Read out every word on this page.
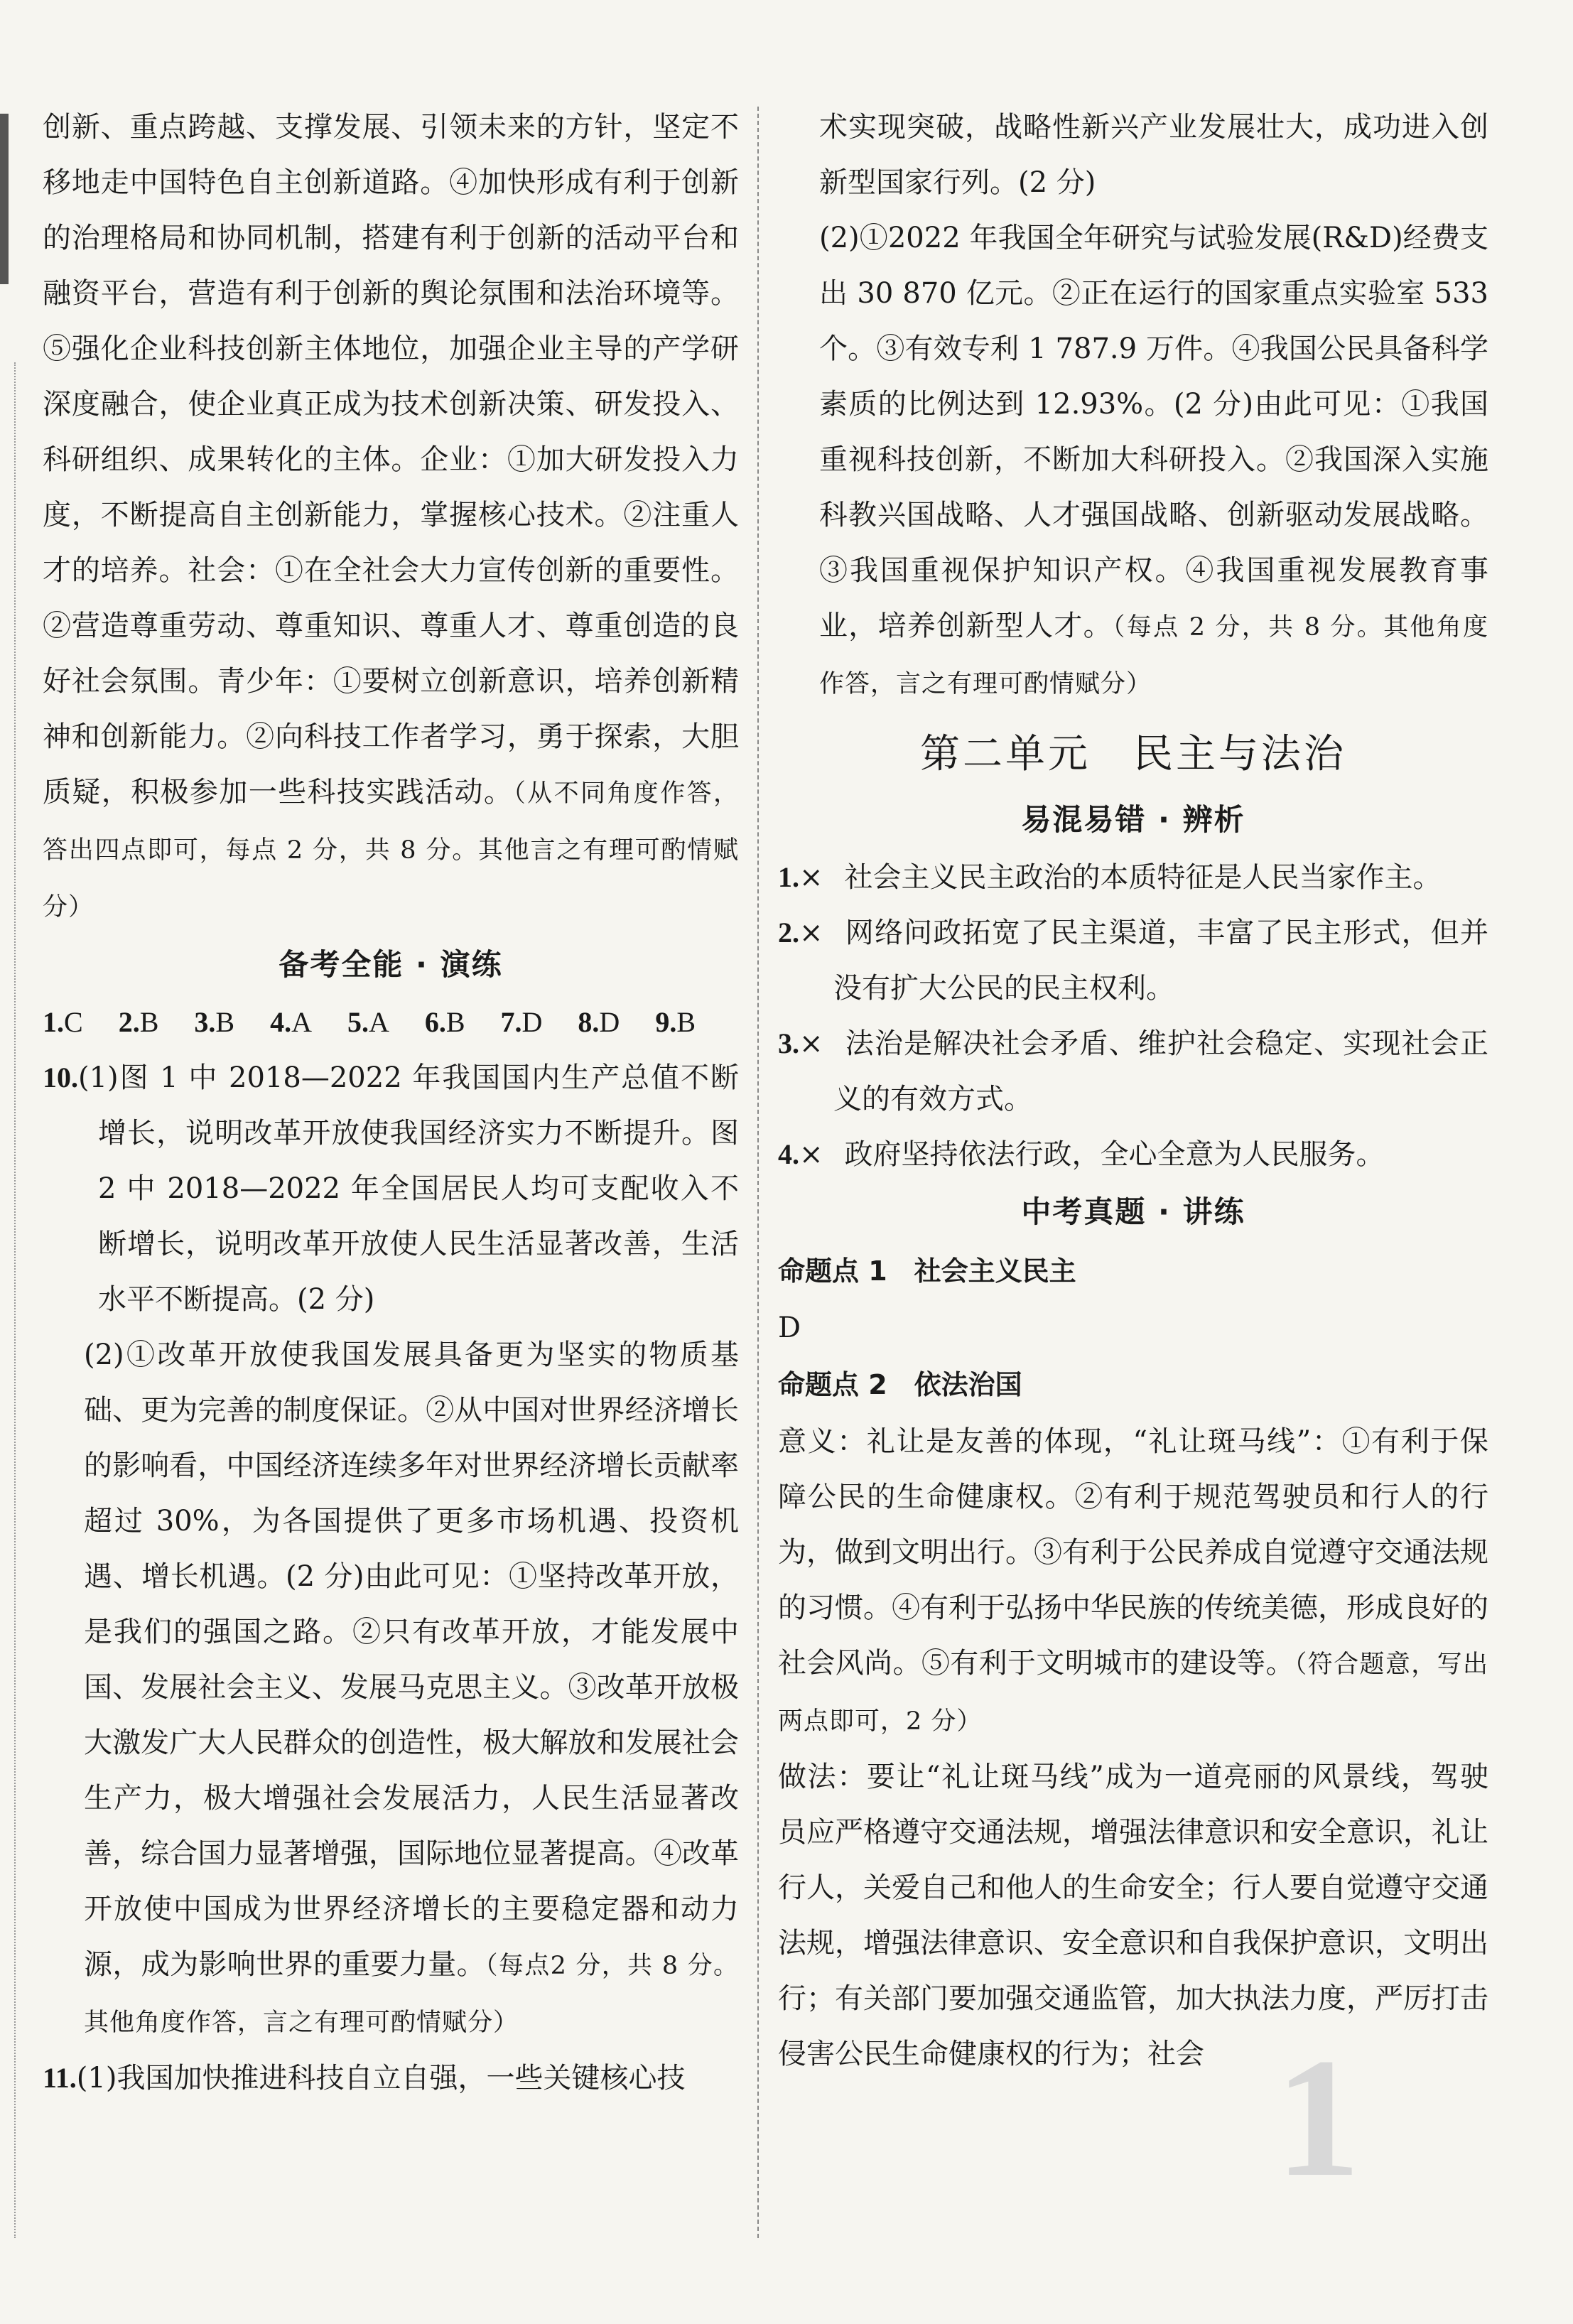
创新、重点跨越、支撑发展、引领未来的方针，坚定不移地走中国特色自主创新道路。④加快形成有利于创新的治理格局和协同机制，搭建有利于创新的活动平台和融资平台，营造有利于创新的舆论氛围和法治环境等。⑤强化企业科技创新主体地位，加强企业主导的产学研深度融合，使企业真正成为技术创新决策、研发投入、科研组织、成果转化的主体。企业：①加大研发投入力度，不断提高自主创新能力，掌握核心技术。②注重人才的培养。社会：①在全社会大力宣传创新的重要性。②营造尊重劳动、尊重知识、尊重人才、尊重创造的良好社会氛围。青少年：①要树立创新意识，培养创新精神和创新能力。②向科技工作者学习，勇于探索，大胆质疑，积极参加一些科技实践活动。（从不同角度作答，答出四点即可，每点 2 分，共 8 分。其他言之有理可酌情赋分）

备考全能 · 演练
1.C 2.B 3.B 4.A 5.A 6.B 7.D 8.D 9.B

10.(1)图 1 中 2018—2022 年我国国内生产总值不断增长，说明改革开放使我国经济实力不断提升。图 2 中 2018—2022 年全国居民人均可支配收入不断增长，说明改革开放使人民生活显著改善，生活水平不断提高。(2 分)

(2)①改革开放使我国发展具备更为坚实的物质基础、更为完善的制度保证。②从中国对世界经济增长的影响看，中国经济连续多年对世界经济增长贡献率超过 30%，为各国提供了更多市场机遇、投资机遇、增长机遇。(2 分)由此可见：①坚持改革开放，是我们的强国之路。②只有改革开放，才能发展中国、发展社会主义、发展马克思主义。③改革开放极大激发广大人民群众的创造性，极大解放和发展社会生产力，极大增强社会发展活力，人民生活显著改善，综合国力显著增强，国际地位显著提高。④改革开放使中国成为世界经济增长的主要稳定器和动力源，成为影响世界的重要力量。（每点2 分，共 8 分。其他角度作答，言之有理可酌情赋分）

11.(1)我国加快推进科技自立自强，一些关键核心技

术实现突破，战略性新兴产业发展壮大，成功进入创新型国家行列。(2 分)

(2)①2022 年我国全年研究与试验发展(R&D)经费支出 30 870 亿元。②正在运行的国家重点实验室 533 个。③有效专利 1 787.9 万件。④我国公民具备科学素质的比例达到 12.93%。(2 分)由此可见：①我国重视科技创新，不断加大科研投入。②我国深入实施科教兴国战略、人才强国战略、创新驱动发展战略。③我国重视保护知识产权。④我国重视发展教育事业，培养创新型人才。（每点 2 分，共 8 分。其他角度作答，言之有理可酌情赋分）

第二单元　民主与法治
易混易错 · 辨析

1.× 社会主义民主政治的本质特征是人民当家作主。

2.× 网络问政拓宽了民主渠道，丰富了民主形式，但并没有扩大公民的民主权利。

3.× 法治是解决社会矛盾、维护社会稳定、实现社会正义的有效方式。

4.× 政府坚持依法行政，全心全意为人民服务。

中考真题 · 讲练
命题点 1　社会主义民主

D

命题点 2　依法治国

意义：礼让是友善的体现，“礼让斑马线”：①有利于保障公民的生命健康权。②有利于规范驾驶员和行人的行为，做到文明出行。③有利于公民养成自觉遵守交通法规的习惯。④有利于弘扬中华民族的传统美德，形成良好的社会风尚。⑤有利于文明城市的建设等。（符合题意，写出两点即可，2 分）

做法：要让“礼让斑马线”成为一道亮丽的风景线，驾驶员应严格遵守交通法规，增强法律意识和安全意识，礼让行人，关爱自己和他人的生命安全；行人要自觉遵守交通法规，增强法律意识、安全意识和自我保护意识，文明出行；有关部门要加强交通监管，加大执法力度，严厉打击侵害公民生命健康权的行为；社会 1
